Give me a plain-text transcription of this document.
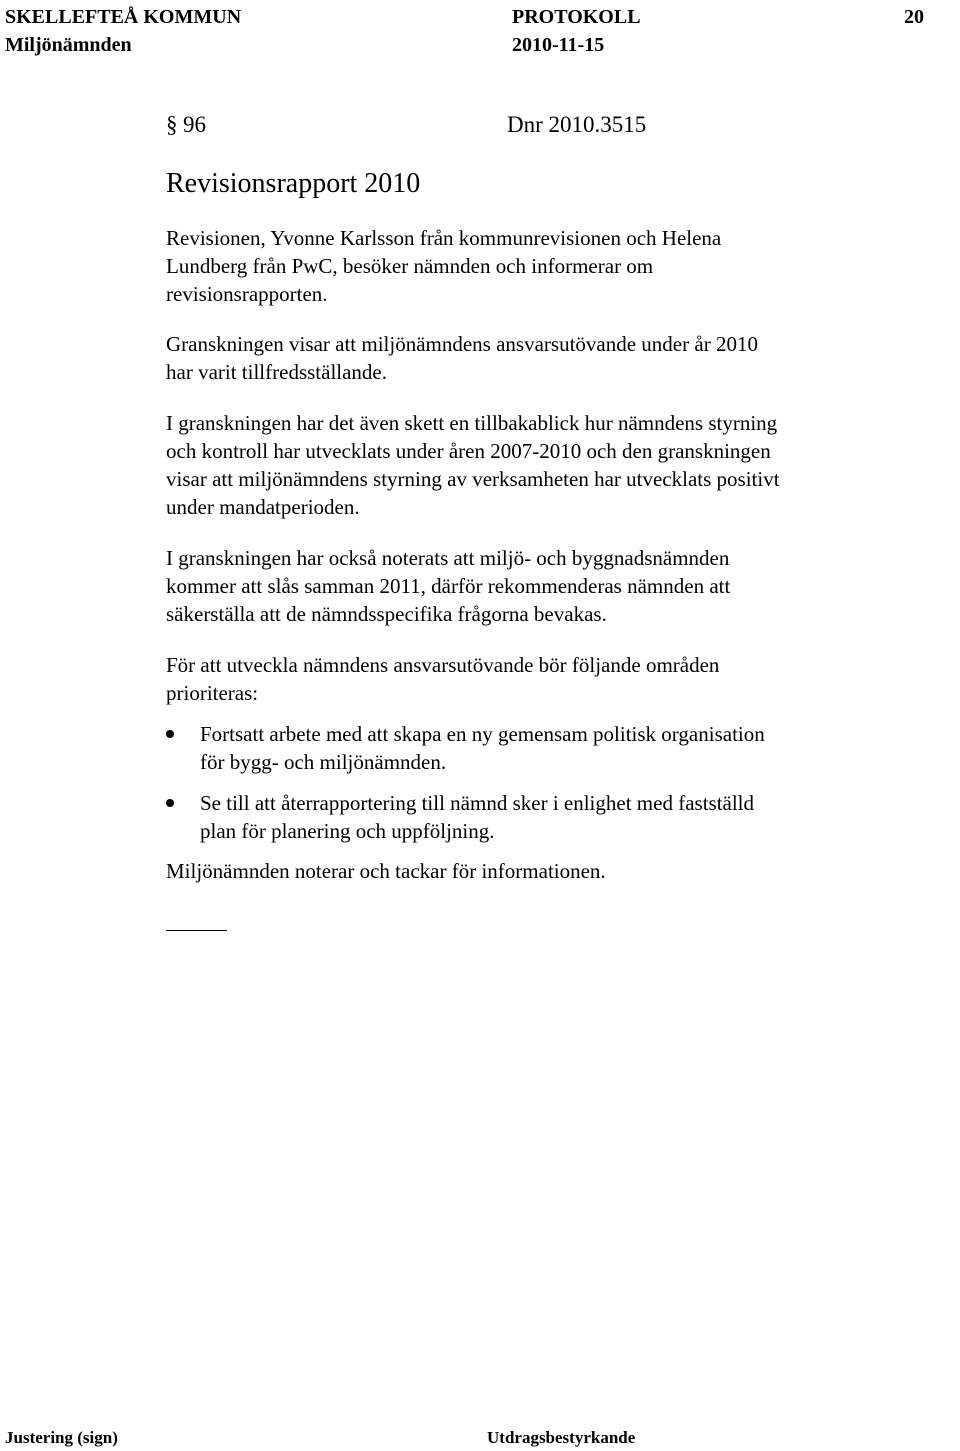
SKELLEFTEÅ KOMMUN	PROTOKOLL	20
Miljönämnden	2010-11-15
§ 96	Dnr 2010.3515
Revisionsrapport 2010

Revisionen, Yvonne Karlsson från kommunrevisionen och Helena
Lundberg från PwC, besöker nämnden och informerar om
revisionsrapporten.

Granskningen visar att miljönämndens ansvarsutövande under år 2010
har varit tillfredsställande.

I granskningen har det även skett en tillbakablick hur nämndens styrning
och kontroll har utvecklats under åren 2007-2010 och den granskningen
visar att miljönämndens styrning av verksamheten har utvecklats positivt
under mandatperioden.

I granskningen har också noterats att miljö- och byggnadsnämnden
kommer att slås samman 2011, därför rekommenderas nämnden att
säkerställa att de nämndsspecifika frågorna bevakas.

För att utveckla nämndens ansvarsutövande bör följande områden
prioriteras:

Fortsatt arbete med att skapa en ny gemensam politisk organisation
för bygg- och miljönämnden.
Se till att återrapportering till nämnd sker i enlighet med fastställd
plan för planering och uppföljning.

Miljönämnden noterar och tackar för informationen.

Justering (sign)	Utdragsbestyrkande
